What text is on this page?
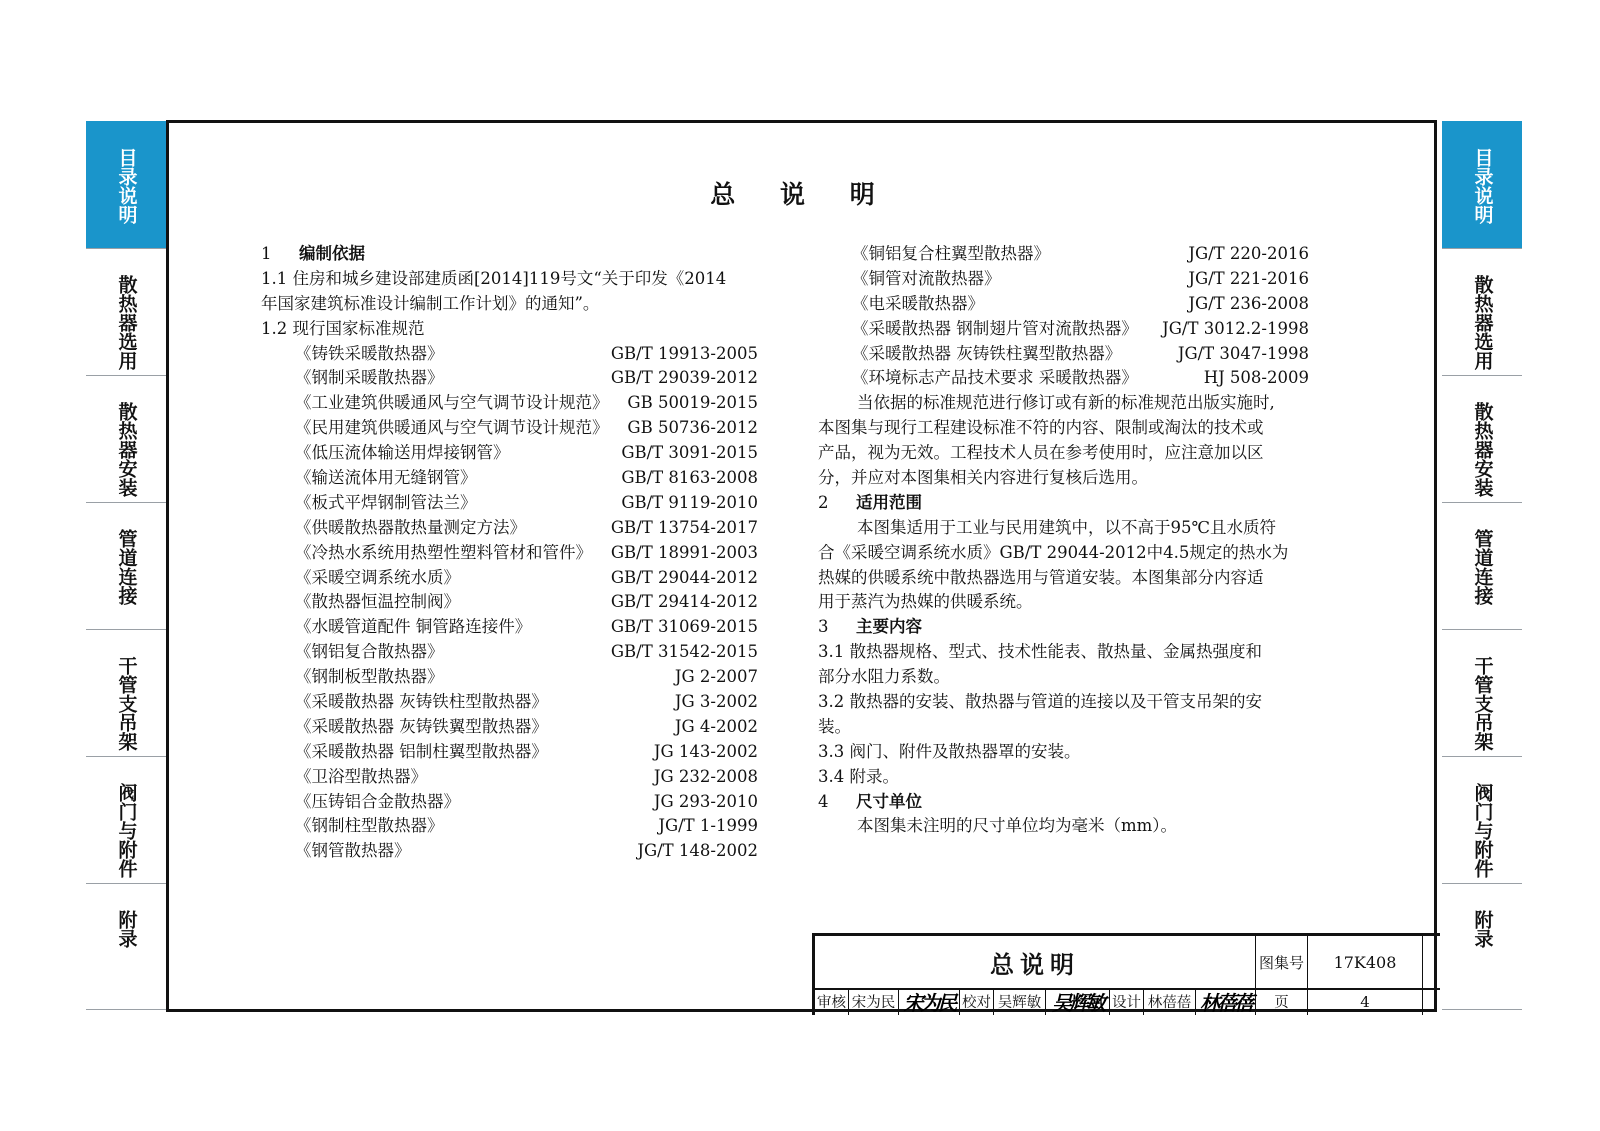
目录说明
散热器选用
散热器安装
管道连接
干管支吊架
阀门与附件
附录
目录说明
散热器选用
散热器安装
管道连接
干管支吊架
阀门与附件
附录
总 说 明
1 编制依据
1.1 住房和城乡建设部建质函[2014]119号文“关于印发《2014
年国家建筑标准设计编制工作计划》的通知”。
1.2 现行国家标准规范
《铸铁采暖散热器》	GB/T 19913-2005
《钢制采暖散热器》	GB/T 29039-2012
《工业建筑供暖通风与空气调节设计规范》 GB 50019-2015
《民用建筑供暖通风与空气调节设计规范》 GB 50736-2012
《低压流体输送用焊接钢管》	GB/T 3091-2015
《输送流体用无缝钢管》	GB/T 8163-2008
《板式平焊钢制管法兰》	GB/T 9119-2010
《供暖散热器散热量测定方法》	GB/T 13754-2017
《冷热水系统用热塑性塑料管材和管件》 GB/T 18991-2003
《采暖空调系统水质》	GB/T 29044-2012
《散热器恒温控制阀》	GB/T 29414-2012
《水暖管道配件 铜管路连接件》	GB/T 31069-2015
《钢铝复合散热器》	GB/T 31542-2015
《钢制板型散热器》	JG 2-2007
《采暖散热器 灰铸铁柱型散热器》	JG 3-2002
《采暖散热器 灰铸铁翼型散热器》	JG 4-2002
《采暖散热器 铝制柱翼型散热器》	JG 143-2002
《卫浴型散热器》	JG 232-2008
《压铸铝合金散热器》	JG 293-2010
《钢制柱型散热器》	JG/T 1-1999
《钢管散热器》	JG/T 148-2002
《铜铝复合柱翼型散热器》	JG/T 220-2016
《铜管对流散热器》	JG/T 221-2016
《电采暖散热器》	JG/T 236-2008
《采暖散热器 钢制翅片管对流散热器》 JG/T 3012.2-1998
《采暖散热器 灰铸铁柱翼型散热器》	JG/T 3047-1998
《环境标志产品技术要求 采暖散热器》	HJ 508-2009
当依据的标准规范进行修订或有新的标准规范出版实施时,
本图集与现行工程建设标准不符的内容、限制或淘汰的技术或
产品，视为无效。工程技术人员在参考使用时，应注意加以区
分，并应对本图集相关内容进行复核后选用。
2 适用范围
本图集适用于工业与民用建筑中，以不高于95℃且水质符
合《采暖空调系统水质》GB/T 29044-2012中4.5规定的热水为
热媒的供暖系统中散热器选用与管道安装。本图集部分内容适
用于蒸汽为热媒的供暖系统。
3 主要内容
3.1 散热器规格、型式、技术性能表、散热量、金属热强度和
部分水阻力系数。
3.2 散热器的安装、散热器与管道的连接以及干管支吊架的安
装。
3.3 阀门、附件及散热器罩的安装。
3.4 附录。
4 尺寸单位
本图集未注明的尺寸单位均为毫米（mm）。
总说明	图集号	17K408
审核 宋为民 宋为民 校对 吴辉敏 吴辉敏 设计 林蓓蓓 林蓓蓓	页	4
